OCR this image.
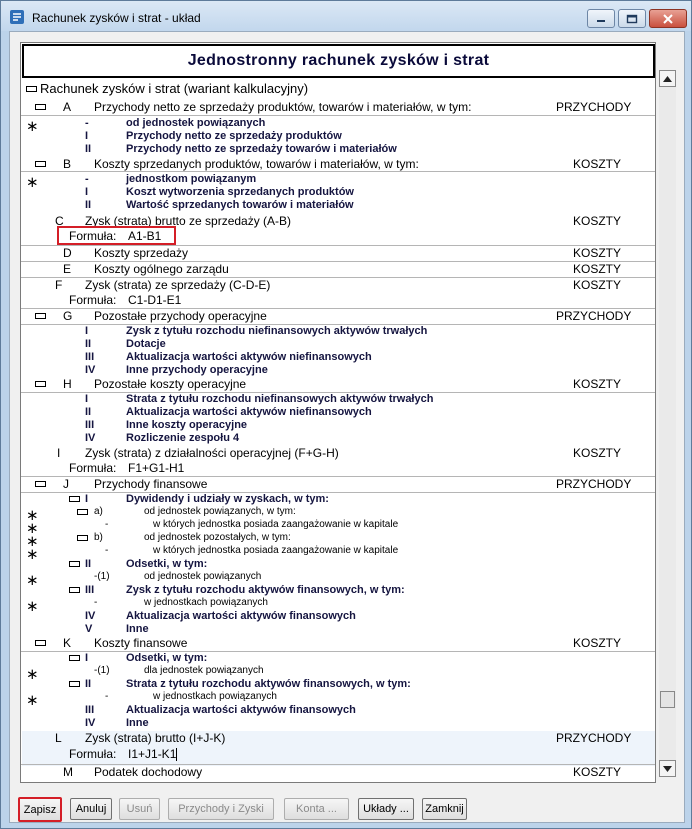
Rachunek zysków i strat - układ
Jednostronny rachunek zysków i strat
Rachunek zysków i strat (wariant kalkulacyjny)
A Przychody netto ze sprzedaży produktów, towarów i materiałów, w tym:	PRZYCHODY
∗	-	od jednostek powiązanych
I	Przychody netto ze sprzedaży produktów
II	Przychody netto ze sprzedaży towarów i materiałów
B Koszty sprzedanych produktów, towarów i materiałów, w tym:	KOSZTY
∗	-	jednostkom powiązanym
I	Koszt wytworzenia sprzedanych produktów
II	Wartość sprzedanych towarów i materiałów
C Zysk (strata) brutto ze sprzedaży (A-B)	KOSZTY
Formuła: A1-B1
D Koszty sprzedaży	KOSZTY
E Koszty ogólnego zarządu	KOSZTY
F Zysk (strata) ze sprzedaży (C-D-E)	KOSZTY
Formuła: C1-D1-E1
G Pozostałe przychody operacyjne	PRZYCHODY
I	Zysk z tytułu rozchodu niefinansowych aktywów trwałych
II	Dotacje
III	Aktualizacja wartości aktywów niefinansowych
IV	Inne przychody operacyjne
H Pozostałe koszty operacyjne	KOSZTY
I	Strata z tytułu rozchodu niefinansowych aktywów trwałych
II	Aktualizacja wartości aktywów niefinansowych
III	Inne koszty operacyjne
IV	Rozliczenie zespołu 4
I Zysk (strata) z działalności operacyjnej (F+G-H)	KOSZTY
Formuła: F1+G1-H1
J Przychody finansowe	PRZYCHODY
I	Dywidendy i udziały w zyskach, w tym:
∗	a)	od jednostek powiązanych, w tym:
∗	-	w których jednostka posiada zaangażowanie w kapitale
∗	b)	od jednostek pozostałych, w tym:
∗	-	w których jednostka posiada zaangażowanie w kapitale
II	Odsetki, w tym:
∗	-(1)	od jednostek powiązanych
III	Zysk z tytułu rozchodu aktywów finansowych, w tym:
∗	-	w jednostkach powiązanych
IV	Aktualizacja wartości aktywów finansowych
V	Inne
K Koszty finansowe	KOSZTY
I	Odsetki, w tym:
∗	-(1)	dla jednostek powiązanych
II	Strata z tytułu rozchodu aktywów finansowych, w tym:
∗	-	w jednostkach powiązanych
III	Aktualizacja wartości aktywów finansowych
IV	Inne
L Zysk (strata) brutto (I+J-K)	PRZYCHODY
Formuła: I1+J1-K1
M Podatek dochodowy	KOSZTY
Zapisz	Anuluj	Usuń	Przychody i Zyski	Konta ...	Układy ...	Zamknij
